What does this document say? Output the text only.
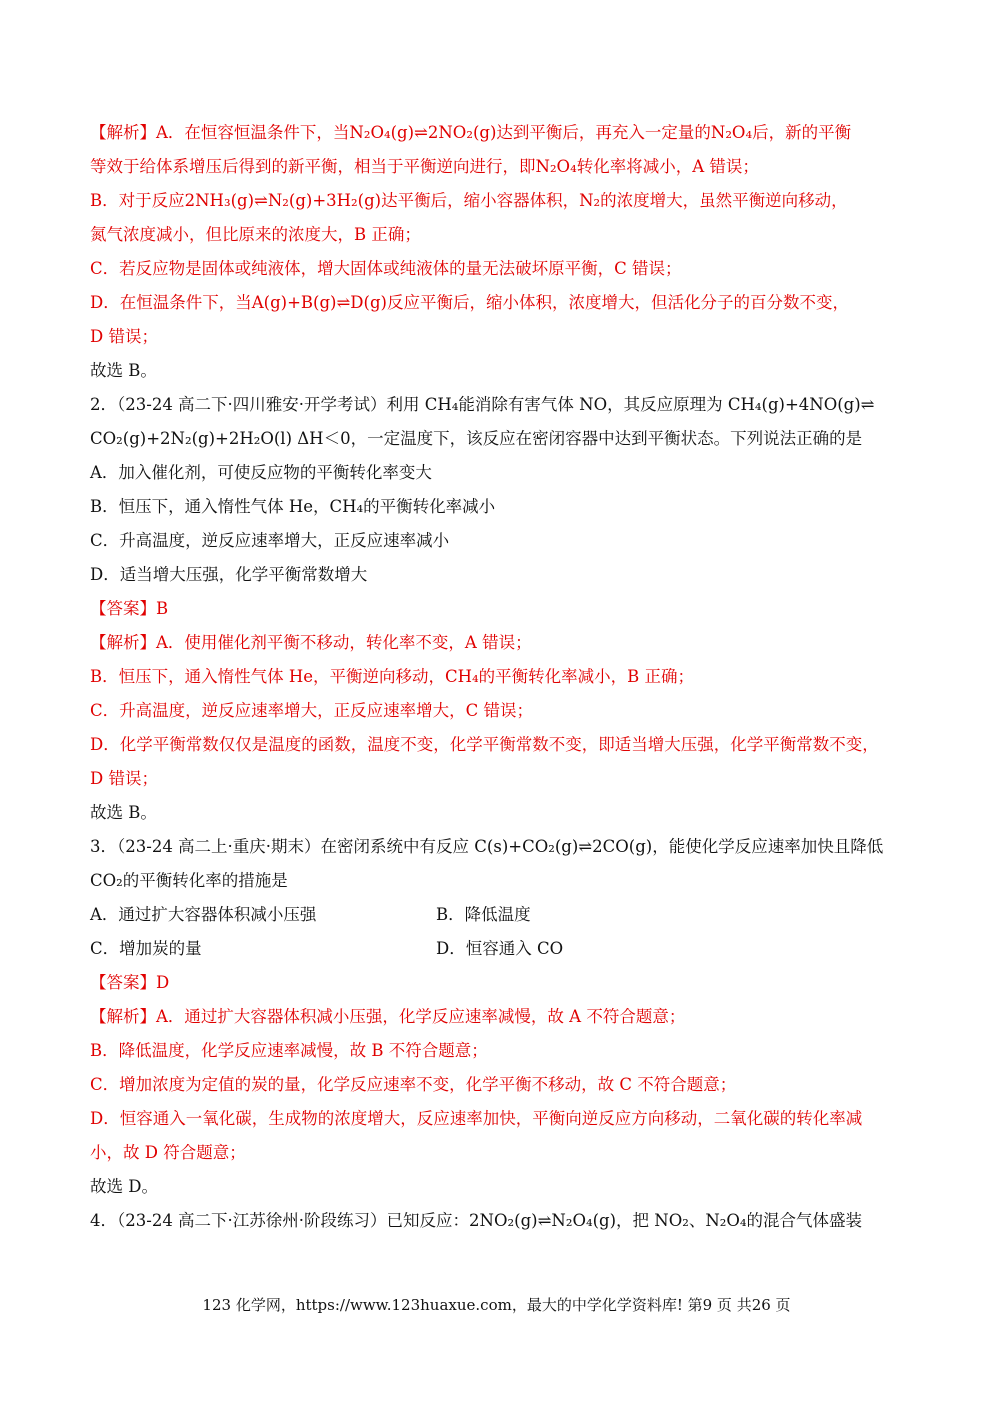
【解析】A．在恒容恒温条件下，当N₂O₄(g)⇌2NO₂(g)达到平衡后，再充入一定量的N₂O₄后，新的平衡
等效于给体系增压后得到的新平衡，相当于平衡逆向进行，即N₂O₄转化率将减小，A 错误；
B．对于反应2NH₃(g)⇌N₂(g)+3H₂(g)达平衡后，缩小容器体积，N₂的浓度增大，虽然平衡逆向移动，
氮气浓度减小，但比原来的浓度大，B 正确；
C．若反应物是固体或纯液体，增大固体或纯液体的量无法破坏原平衡，C 错误；
D．在恒温条件下，当A(g)+B(g)⇌D(g)反应平衡后，缩小体积，浓度增大，但活化分子的百分数不变，
D 错误；
故选 B。
2．（23-24 高二下·四川雅安·开学考试）利用 CH₄能消除有害气体 NO，其反应原理为 CH₄(g)+4NO(g)⇌
CO₂(g)+2N₂(g)+2H₂O(l) ΔH＜0，一定温度下，该反应在密闭容器中达到平衡状态。下列说法正确的是
A．加入催化剂，可使反应物的平衡转化率变大
B．恒压下，通入惰性气体 He，CH₄的平衡转化率减小
C．升高温度，逆反应速率增大，正反应速率减小
D．适当增大压强，化学平衡常数增大
【答案】B
【解析】A．使用催化剂平衡不移动，转化率不变，A 错误；
B．恒压下，通入惰性气体 He，平衡逆向移动，CH₄的平衡转化率减小，B 正确；
C．升高温度，逆反应速率增大，正反应速率增大，C 错误；
D．化学平衡常数仅仅是温度的函数，温度不变，化学平衡常数不变，即适当增大压强，化学平衡常数不变，
D 错误；
故选 B。
3．（23-24 高二上·重庆·期末）在密闭系统中有反应 C(s)+CO₂(g)⇌2CO(g)，能使化学反应速率加快且降低
CO₂的平衡转化率的措施是
A．通过扩大容器体积减小压强	B．降低温度
C．增加炭的量	D．恒容通入 CO
【答案】D
【解析】A．通过扩大容器体积减小压强，化学反应速率减慢，故 A 不符合题意；
B．降低温度，化学反应速率减慢，故 B 不符合题意；
C．增加浓度为定值的炭的量，化学反应速率不变，化学平衡不移动，故 C 不符合题意；
D．恒容通入一氧化碳，生成物的浓度增大，反应速率加快，平衡向逆反应方向移动，二氧化碳的转化率减
小，故 D 符合题意；
故选 D。
4．（23-24 高二下·江苏徐州·阶段练习）已知反应：2NO₂(g)⇌N₂O₄(g)，把 NO₂、N₂O₄的混合气体盛装
123 化学网，https://www.123huaxue.com，最大的中学化学资料库! 第9 页 共26 页
